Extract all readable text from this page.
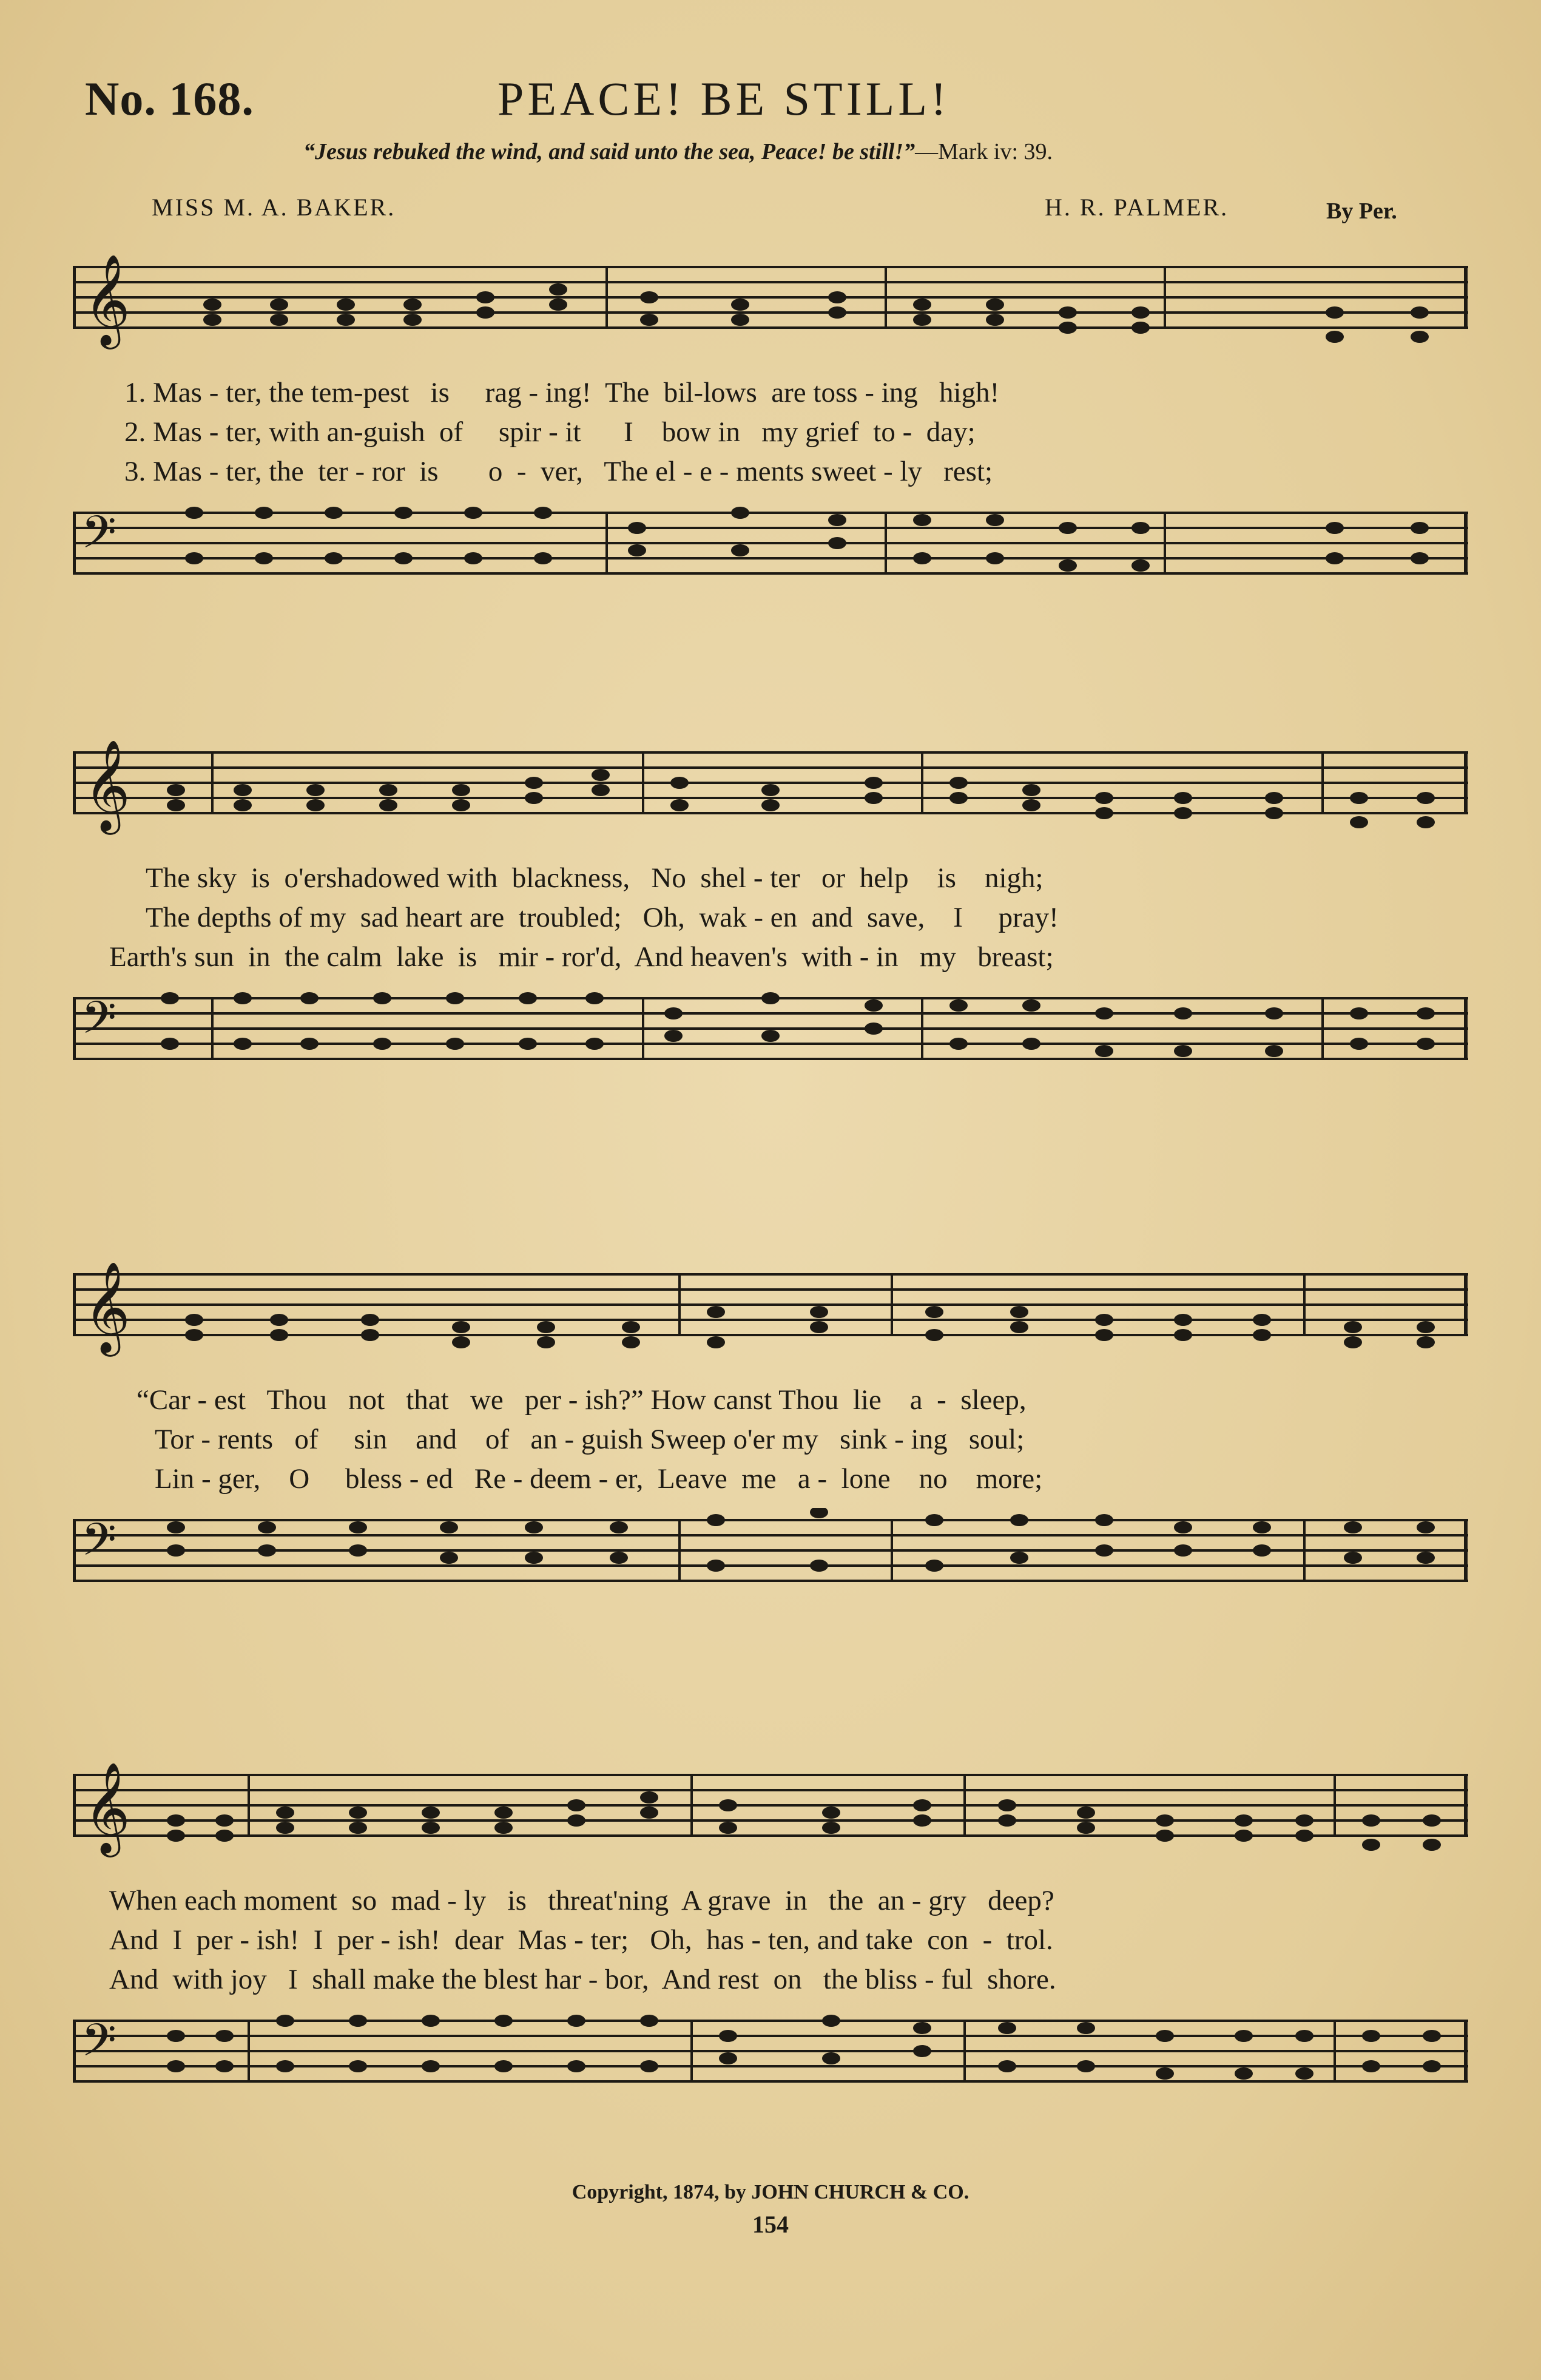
No. 168.	PEACE! BE STILL!
“Jesus rebuked the wind, and said unto the sea, Peace! be still!”—Mark iv: 39.
MISS M. A. BAKER.	H. R. PALMER.	By Per.
𝄞
1. Mas - ter, the tem-pest   is     rag - ing!  The  bil-lows  are toss - ing   high!
2. Mas - ter, with an-guish  of     spir - it      I    bow in   my grief  to -  day;
3. Mas - ter, the  ter - ror  is       o  -  ver,   The el - e - ments sweet - ly   rest;
𝄢
𝄞
The sky  is  o'ershadowed with  blackness,   No  shel - ter   or  help    is    nigh;
The depths of my  sad heart are  troubled;   Oh,  wak - en  and  save,    I     pray!
Earth's sun  in  the calm  lake  is   mir - ror'd,  And heaven's  with - in   my   breast;
𝄢
𝄞
“Car - est   Thou   not   that   we   per - ish?” How canst Thou  lie    a  -  sleep,
Tor - rents   of     sin    and    of   an - guish Sweep o'er my   sink - ing   soul;
Lin - ger,    O     bless - ed   Re - deem - er,  Leave  me   a -  lone    no    more;
𝄢
𝄞
When each moment  so  mad - ly   is   threat'ning  A grave  in   the  an - gry   deep?
And  I  per - ish!  I  per - ish!  dear  Mas - ter;   Oh,  has - ten, and take  con  -  trol.
And  with joy   I  shall make the blest har - bor,  And rest  on   the bliss - ful  shore.
𝄢
Copyright, 1874, by JOHN CHURCH & CO.
154
